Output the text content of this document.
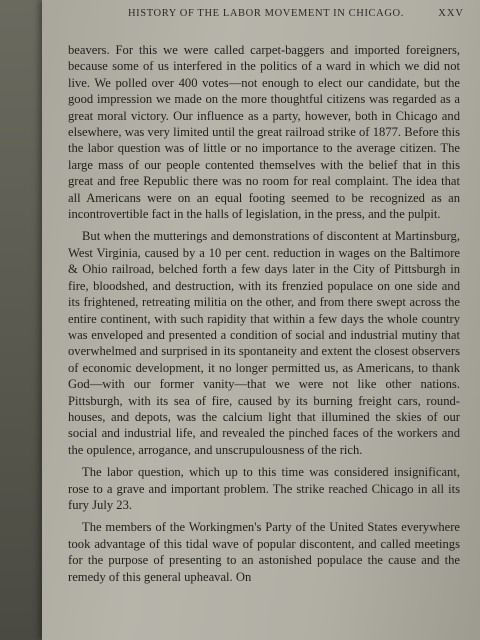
HISTORY OF THE LABOR MOVEMENT IN CHICAGO.	XXV

beavers. For this we were called carpet-baggers and imported foreigners, because some of us interfered in the politics of a ward in which we did not live. We polled over 400 votes—not enough to elect our candidate, but the good impression we made on the more thoughtful citizens was regarded as a great moral victory. Our influence as a party, however, both in Chicago and elsewhere, was very limited until the great railroad strike of 1877. Before this the labor question was of little or no importance to the average citizen. The large mass of our people contented themselves with the belief that in this great and free Republic there was no room for real complaint. The idea that all Americans were on an equal footing seemed to be recognized as an incontrovertible fact in the halls of legislation, in the press, and the pulpit.

But when the mutterings and demonstrations of discontent at Martinsburg, West Virginia, caused by a 10 per cent. reduction in wages on the Baltimore & Ohio railroad, belched forth a few days later in the City of Pittsburgh in fire, bloodshed, and destruction, with its frenzied populace on one side and its frightened, retreating militia on the other, and from there swept across the entire continent, with such rapidity that within a few days the whole country was enveloped and presented a condition of social and industrial mutiny that overwhelmed and surprised in its spontaneity and extent the closest observers of economic development, it no longer permitted us, as Americans, to thank God—with our former vanity—that we were not like other nations. Pittsburgh, with its sea of fire, caused by its burning freight cars, round-houses, and depots, was the calcium light that illumined the skies of our social and industrial life, and revealed the pinched faces of the workers and the opulence, arrogance, and unscrupulousness of the rich.

The labor question, which up to this time was considered insignificant, rose to a grave and important problem. The strike reached Chicago in all its fury July 23.

The members of the Workingmen's Party of the United States everywhere took advantage of this tidal wave of popular discontent, and called meetings for the purpose of presenting to an astonished populace the cause and the remedy of this general upheaval. On
